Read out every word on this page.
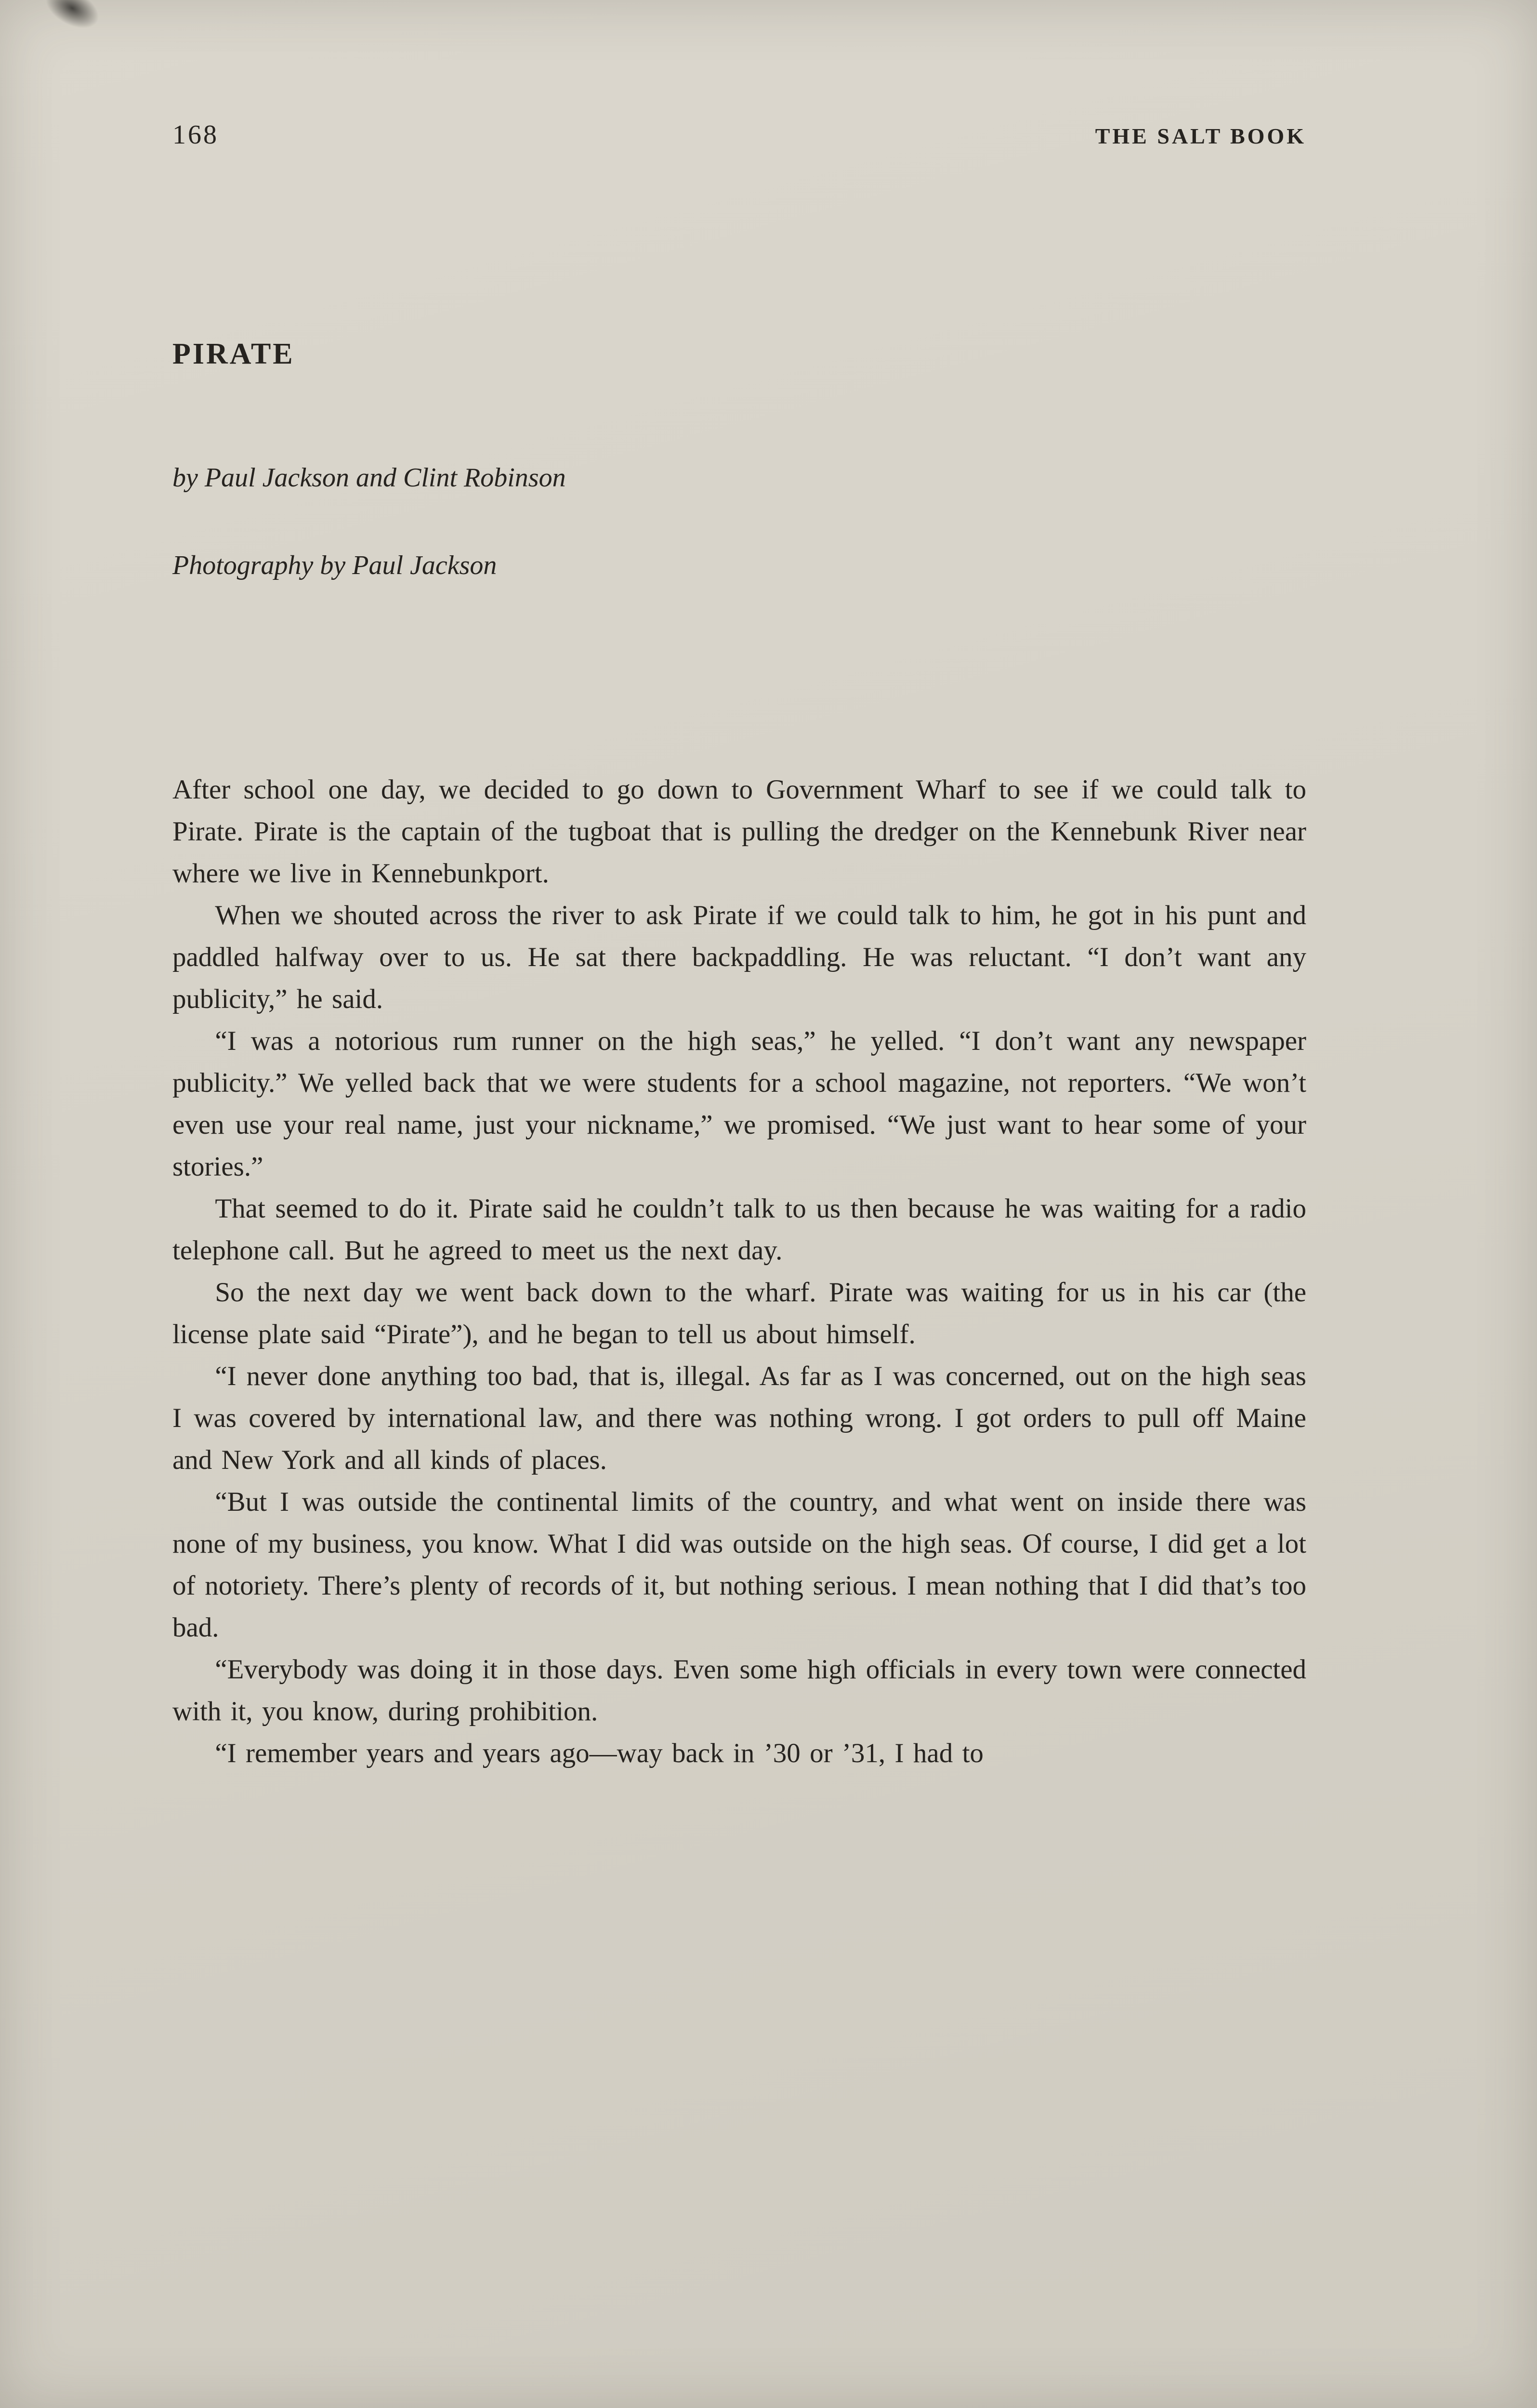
168	THE SALT BOOK
PIRATE

by Paul Jackson and Clint Robinson

Photography by Paul Jackson

After school one day, we decided to go down to Government Wharf to see if we could talk to Pirate. Pirate is the captain of the tugboat that is pulling the dredger on the Kennebunk River near where we live in Kennebunkport.

When we shouted across the river to ask Pirate if we could talk to him, he got in his punt and paddled halfway over to us. He sat there backpaddling. He was reluctant. “I don’t want any publicity,” he said.

“I was a notorious rum runner on the high seas,” he yelled. “I don’t want any newspaper publicity.” We yelled back that we were students for a school magazine, not reporters. “We won’t even use your real name, just your nickname,” we promised. “We just want to hear some of your stories.”

That seemed to do it. Pirate said he couldn’t talk to us then because he was waiting for a radio telephone call. But he agreed to meet us the next day.

So the next day we went back down to the wharf. Pirate was waiting for us in his car (the license plate said “Pirate”), and he began to tell us about himself.

“I never done anything too bad, that is, illegal. As far as I was concerned, out on the high seas I was covered by international law, and there was nothing wrong. I got orders to pull off Maine and New York and all kinds of places.

“But I was outside the continental limits of the country, and what went on inside there was none of my business, you know. What I did was outside on the high seas. Of course, I did get a lot of notoriety. There’s plenty of records of it, but nothing serious. I mean nothing that I did that’s too bad.

“Everybody was doing it in those days. Even some high officials in every town were connected with it, you know, during prohibition.

“I remember years and years ago—way back in ’30 or ’31, I had to
